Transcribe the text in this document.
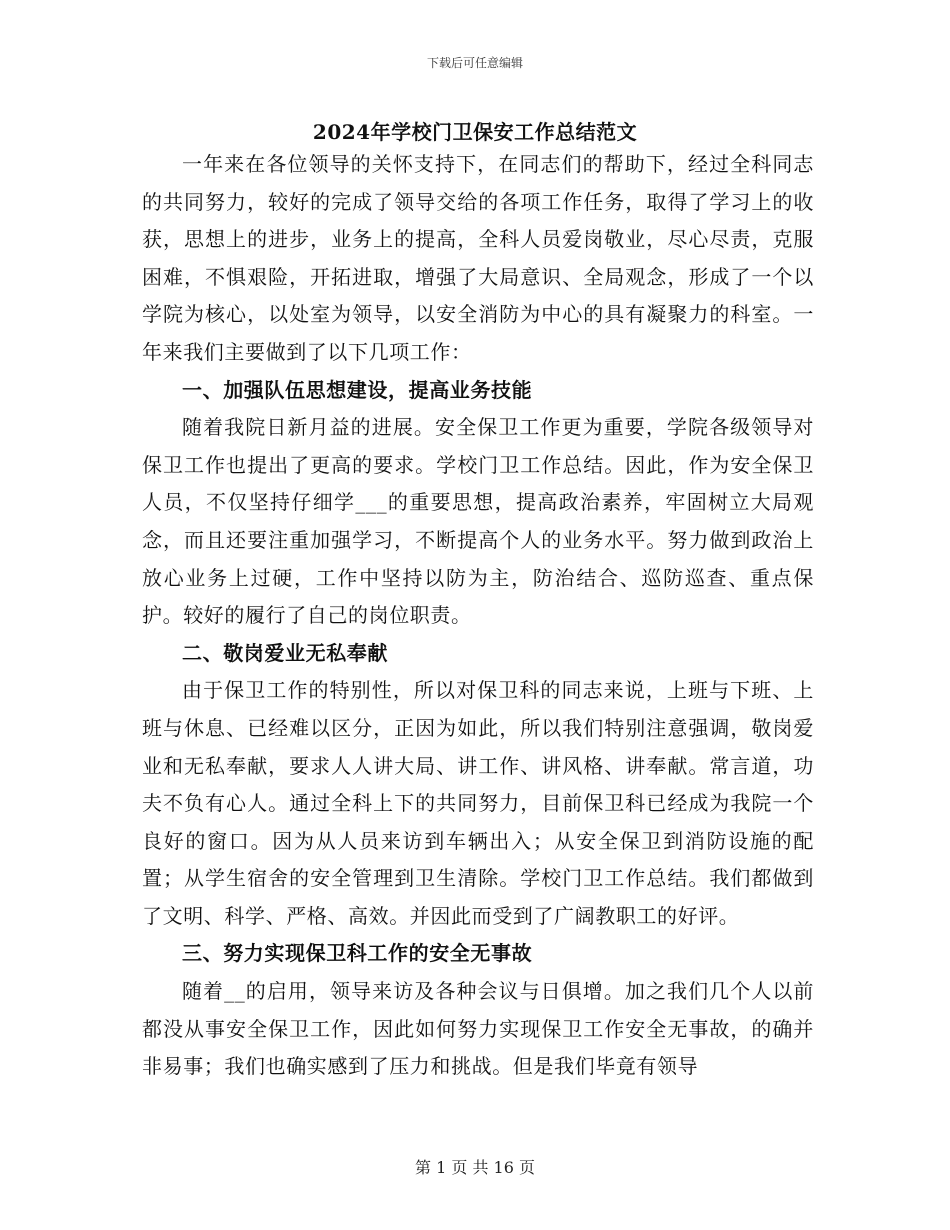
下载后可任意编辑
2024年学校门卫保安工作总结范文

一年来在各位领导的关怀支持下，在同志们的帮助下，经过全科同志的共同努力，较好的完成了领导交给的各项工作任务，取得了学习上的收获，思想上的进步，业务上的提高，全科人员爱岗敬业，尽心尽责，克服困难，不惧艰险，开拓进取，增强了大局意识、全局观念，形成了一个以学院为核心，以处室为领导，以安全消防为中心的具有凝聚力的科室。一年来我们主要做到了以下几项工作：

一、加强队伍思想建设，提高业务技能

随着我院日新月益的进展。安全保卫工作更为重要，学院各级领导对保卫工作也提出了更高的要求。学校门卫工作总结。因此，作为安全保卫人员，不仅坚持仔细学___的重要思想，提高政治素养，牢固树立大局观念，而且还要注重加强学习，不断提高个人的业务水平。努力做到政治上放心业务上过硬，工作中坚持以防为主，防治结合、巡防巡查、重点保护。较好的履行了自己的岗位职责。

二、敬岗爱业无私奉献

由于保卫工作的特别性，所以对保卫科的同志来说，上班与下班、上班与休息、已经难以区分，正因为如此，所以我们特别注意强调，敬岗爱业和无私奉献，要求人人讲大局、讲工作、讲风格、讲奉献。常言道，功夫不负有心人。通过全科上下的共同努力，目前保卫科已经成为我院一个良好的窗口。因为从人员来访到车辆出入；从安全保卫到消防设施的配置；从学生宿舍的安全管理到卫生清除。学校门卫工作总结。我们都做到了文明、科学、严格、高效。并因此而受到了广阔教职工的好评。

三、努力实现保卫科工作的安全无事故

随着__的启用，领导来访及各种会议与日俱增。加之我们几个人以前都没从事安全保卫工作，因此如何努力实现保卫工作安全无事故，的确并非易事；我们也确实感到了压力和挑战。但是我们毕竟有领导

第 1 页 共 16 页
